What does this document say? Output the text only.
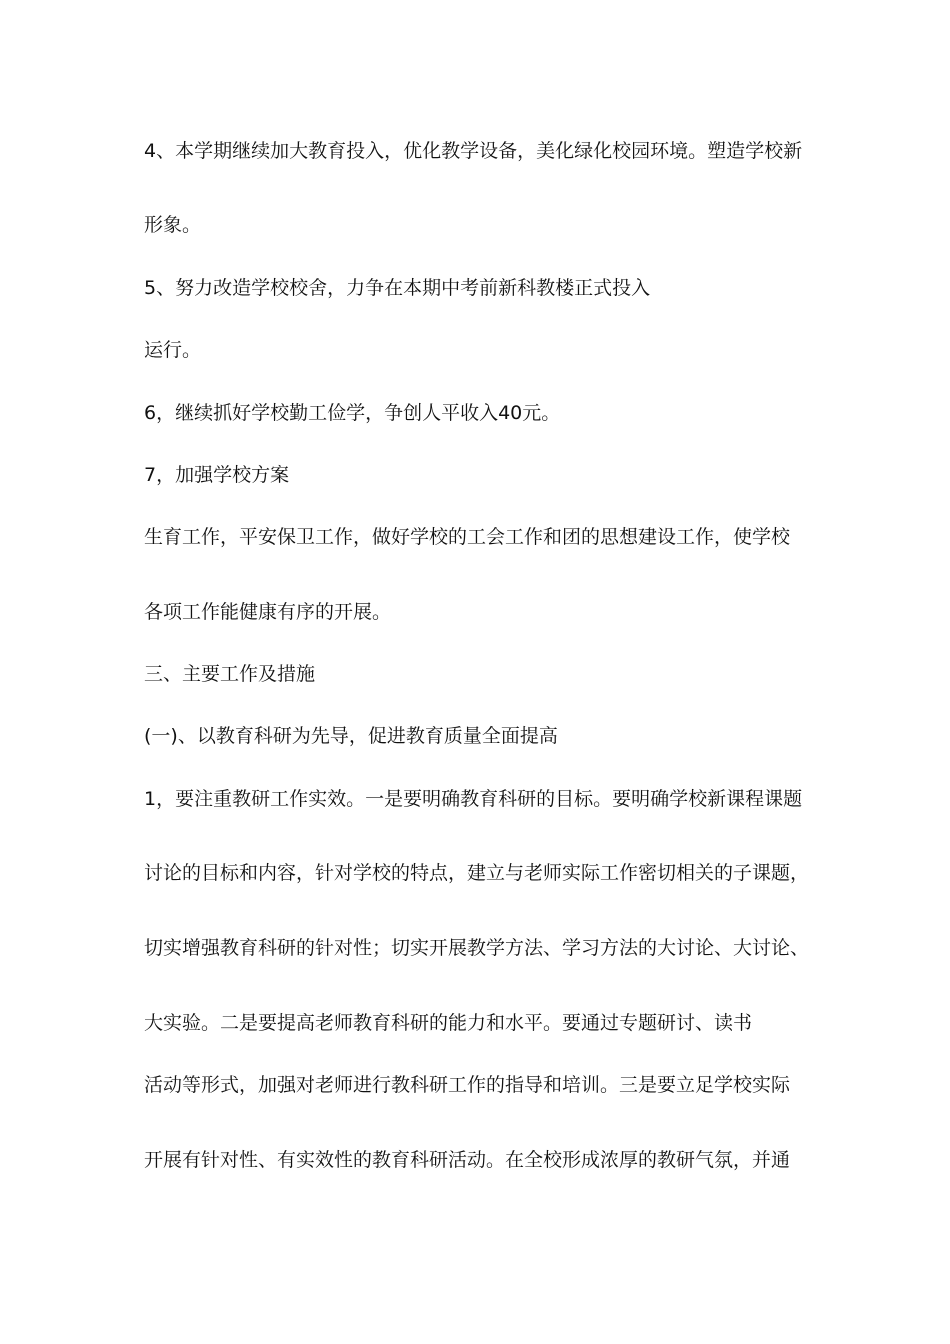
4、本学期继续加大教育投入，优化教学设备，美化绿化校园环境。塑造学校新

形象。

5、努力改造学校校舍，力争在本期中考前新科教楼正式投入

运行。

6，继续抓好学校勤工俭学，争创人平收入40元。

7，加强学校方案

生育工作，平安保卫工作，做好学校的工会工作和团的思想建设工作，使学校

各项工作能健康有序的开展。

三、主要工作及措施

(一)、以教育科研为先导，促进教育质量全面提高

1，要注重教研工作实效。一是要明确教育科研的目标。要明确学校新课程课题

讨论的目标和内容，针对学校的特点，建立与老师实际工作密切相关的子课题，

切实增强教育科研的针对性；切实开展教学方法、学习方法的大讨论、大讨论、

大实验。二是要提高老师教育科研的能力和水平。要通过专题研讨、读书

活动等形式，加强对老师进行教科研工作的指导和培训。三是要立足学校实际

开展有针对性、有实效性的教育科研活动。在全校形成浓厚的教研气氛，并通
